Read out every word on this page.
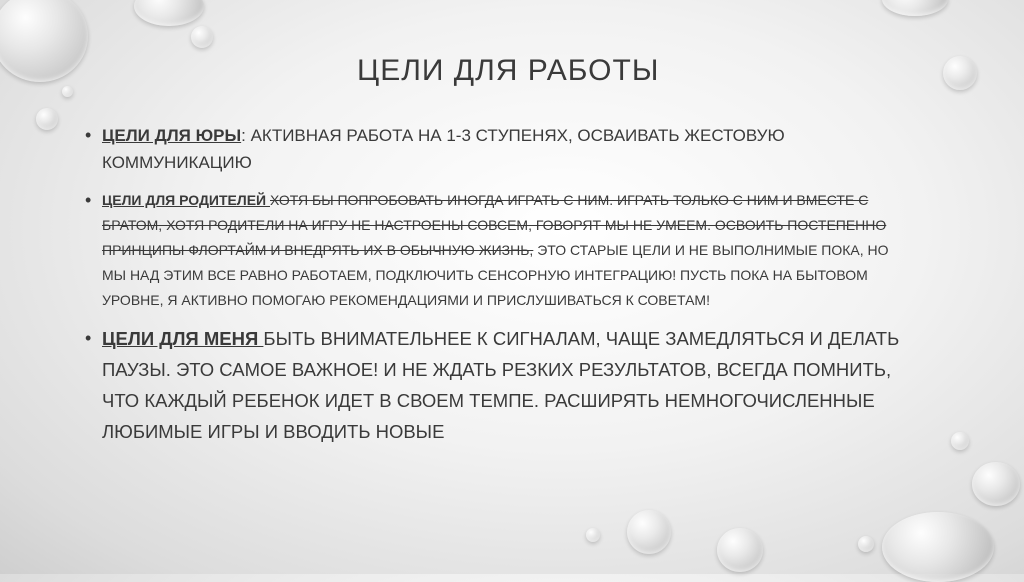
ЦЕЛИ ДЛЯ РАБОТЫ
• ЦЕЛИ ДЛЯ ЮРЫ: АКТИВНАЯ РАБОТА НА 1-3 СТУПЕНЯХ, ОСВАИВАТЬ ЖЕСТОВУЮ КОММУНИКАЦИЮ
• ЦЕЛИ ДЛЯ РОДИТЕЛЕЙ ХОТЯ БЫ ПОПРОБОВАТЬ ИНОГДА ИГРАТЬ С НИМ. ИГРАТЬ ТОЛЬКО С НИМ И ВМЕСТЕ С БРАТОМ, ХОТЯ РОДИТЕЛИ НА ИГРУ НЕ НАСТРОЕНЫ СОВСЕМ, ГОВОРЯТ МЫ НЕ УМЕЕМ. ОСВОИТЬ ПОСТЕПЕННО ПРИНЦИПЫ ФЛОРТАЙМ И ВНЕДРЯТЬ ИХ В ОБЫЧНУЮ ЖИЗНЬ, ЭТО СТАРЫЕ ЦЕЛИ И НЕ ВЫПОЛНИМЫЕ ПОКА, НО МЫ НАД ЭТИМ ВСЕ РАВНО РАБОТАЕМ, ПОДКЛЮЧИТЬ СЕНСОРНУЮ ИНТЕГРАЦИЮ! ПУСТЬ ПОКА НА БЫТОВОМ УРОВНЕ, Я АКТИВНО ПОМОГАЮ РЕКОМЕНДАЦИЯМИ И ПРИСЛУШИВАТЬСЯ К СОВЕТАМ!
• ЦЕЛИ ДЛЯ МЕНЯ БЫТЬ ВНИМАТЕЛЬНЕЕ К СИГНАЛАМ, ЧАЩЕ ЗАМЕДЛЯТЬСЯ И ДЕЛАТЬ ПАУЗЫ. ЭТО САМОЕ ВАЖНОЕ! И НЕ ЖДАТЬ РЕЗКИХ РЕЗУЛЬТАТОВ, ВСЕГДА ПОМНИТЬ, ЧТО КАЖДЫЙ РЕБЕНОК ИДЕТ В СВОЕМ ТЕМПЕ. РАСШИРЯТЬ НЕМНОГОЧИСЛЕННЫЕ ЛЮБИМЫЕ ИГРЫ И ВВОДИТЬ НОВЫЕ
